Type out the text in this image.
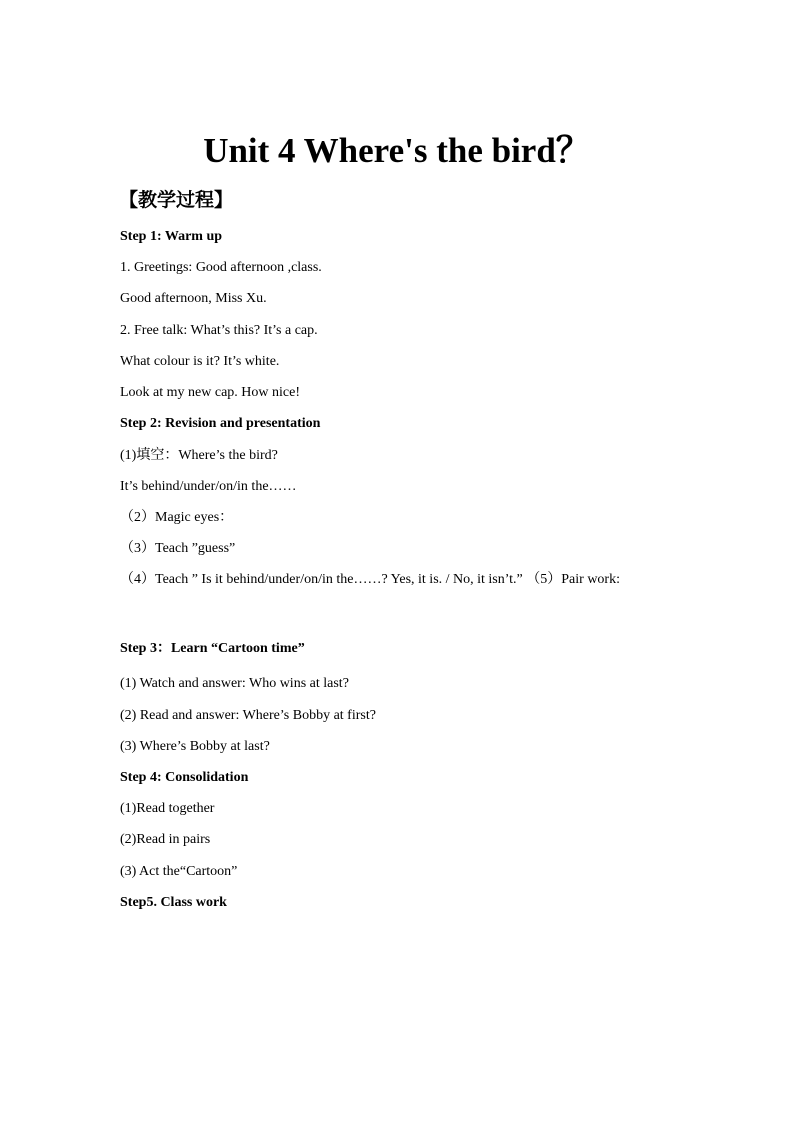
Unit 4 Where's the bird？
【教学过程】
Step 1: Warm up
1. Greetings: Good afternoon ,class.
Good afternoon, Miss Xu.
2. Free talk: What’s this? It’s a cap.
What colour is it? It’s white.
Look at my new cap. How nice!
Step 2: Revision and presentation
(1)填空：Where’s the bird?
It’s behind/under/on/in the……
（2）Magic eyes：
（3）Teach ”guess”
（4）Teach ” Is it behind/under/on/in the……? Yes, it is. / No, it isn’t.” （5）Pair work:
Step 3：Learn “Cartoon time”
(1) Watch and answer: Who wins at last?
(2) Read and answer: Where’s Bobby at first?
(3) Where’s Bobby at last?
Step 4: Consolidation
(1)Read together
(2)Read in pairs
(3) Act the“Cartoon”
Step5. Class work
